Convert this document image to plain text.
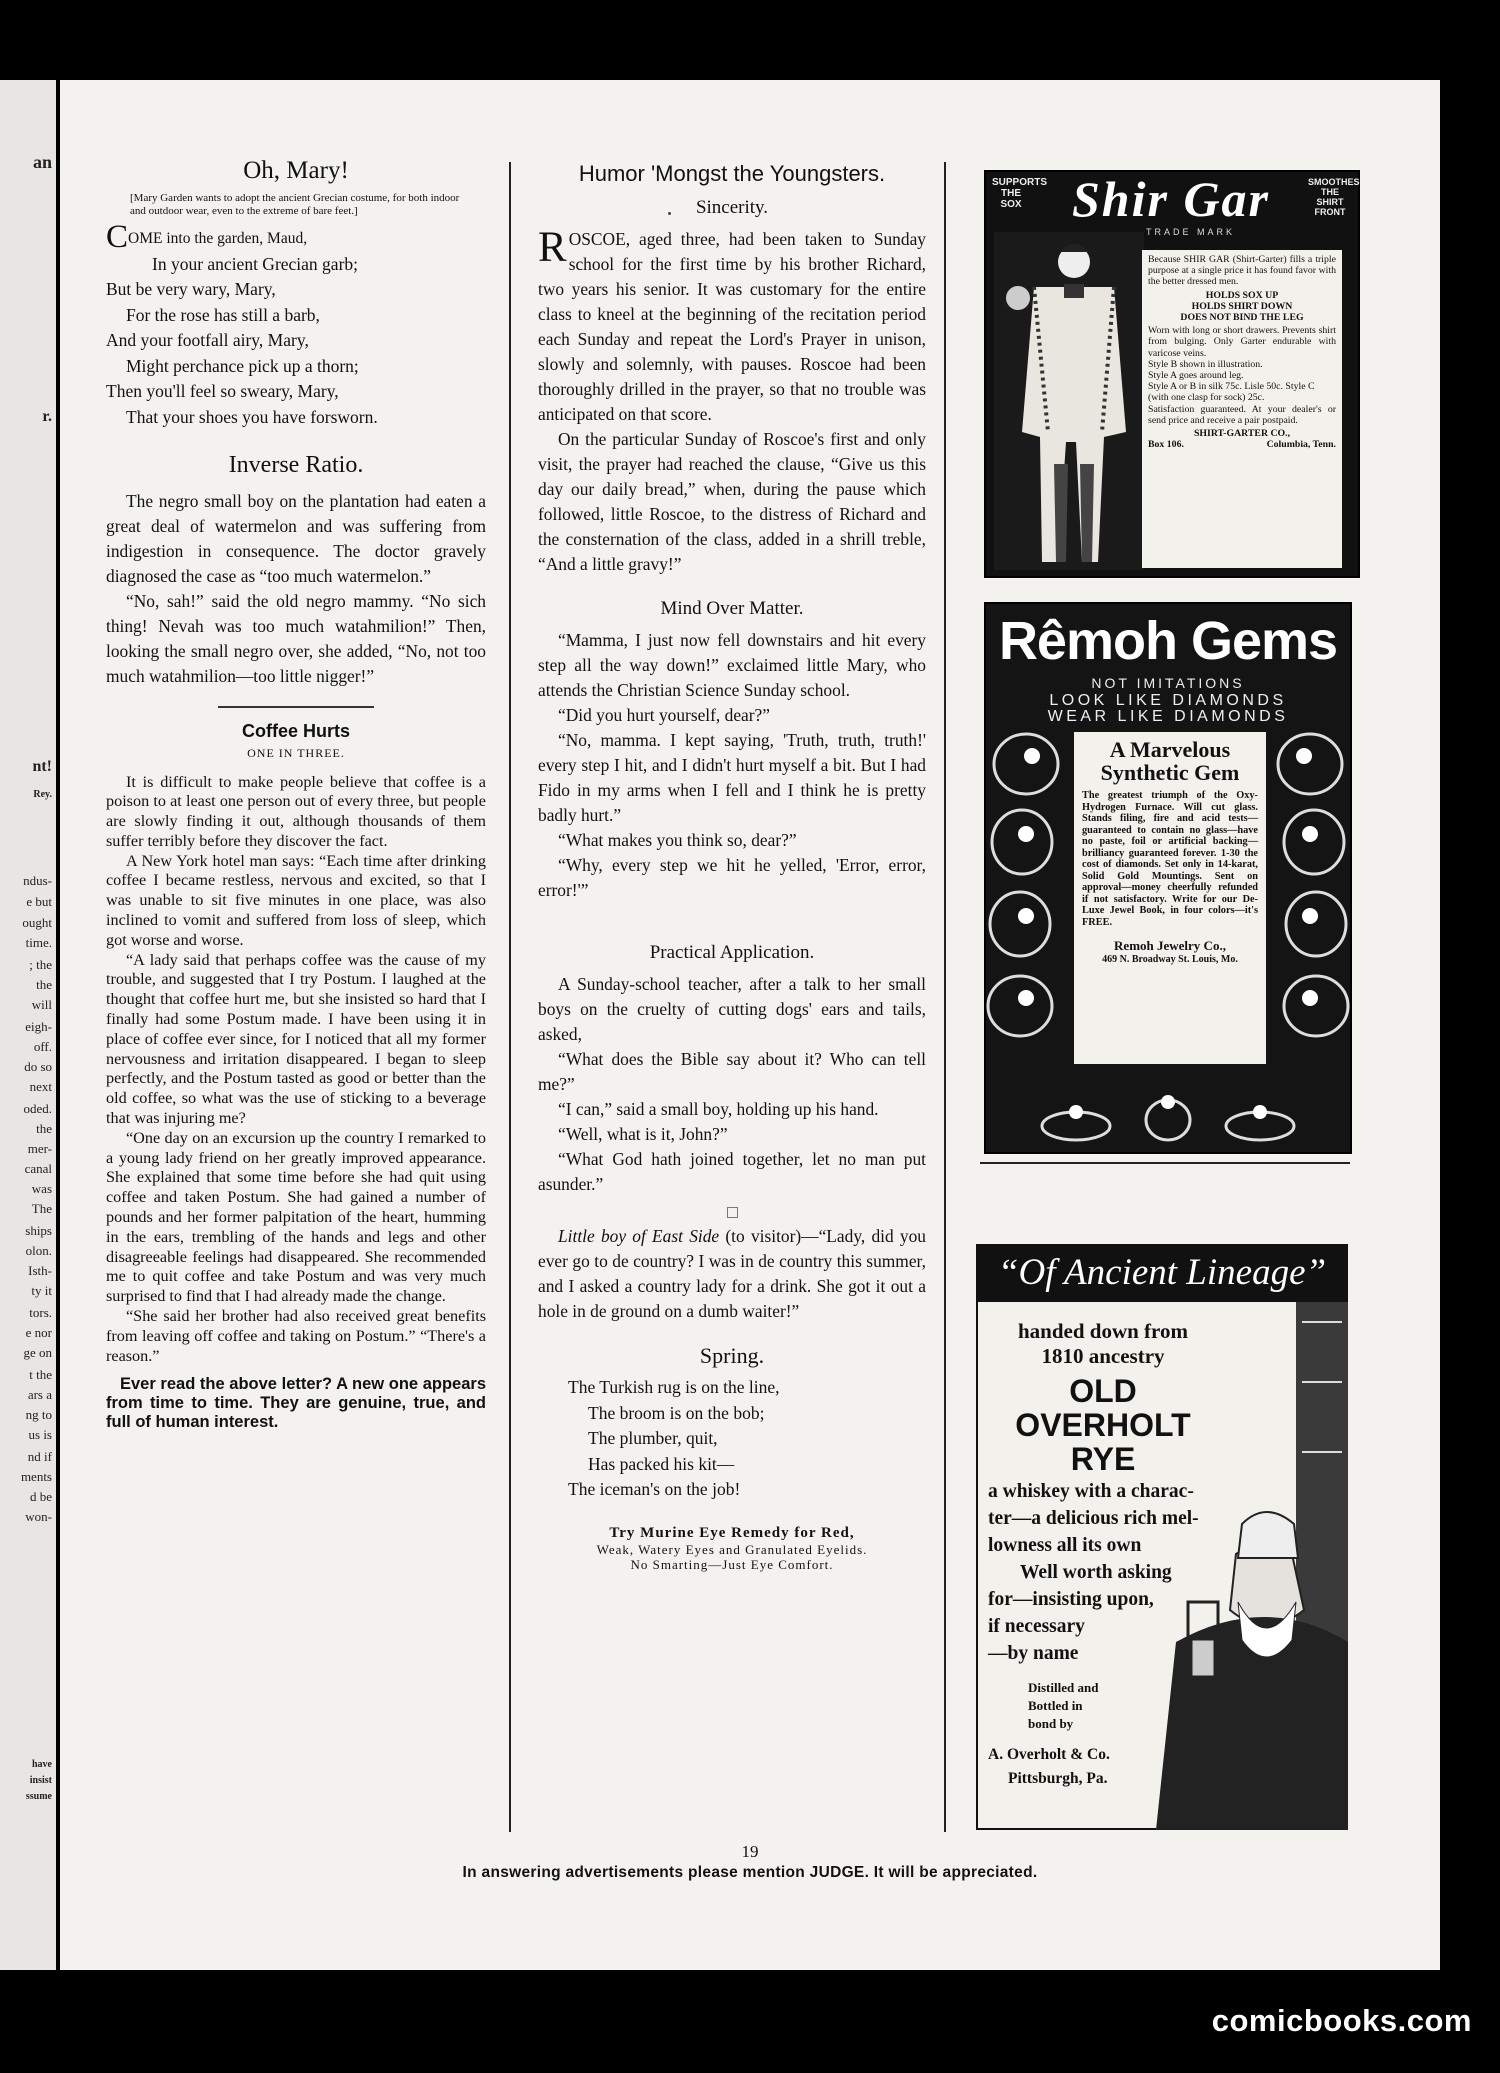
an
r.
nt!
Rey.
ndus-
e but
ought
time.
; the
the
will
eigh-
off.
do so
next
oded.
the
mer-
canal
was
The
ships
olon.
Isth-
ty it
tors.
e nor
ge on
t the
ars a
ng to
us is
nd if
ments
d be
won-
have
insist
ssume
Oh, Mary!

[Mary Garden wants to adopt the ancient Grecian costume, for both indoor and outdoor wear, even to the extreme of bare feet.]

COME into the garden, Maud,
In your ancient Grecian garb;
But be very wary, Mary,
For the rose has still a barb,
And your footfall airy, Mary,
Might perchance pick up a thorn;
Then you'll feel so sweary, Mary,
That your shoes you have forsworn.
Inverse Ratio.

The negro small boy on the plantation had eaten a great deal of watermelon and was suffering from indigestion in consequence. The doctor gravely diagnosed the case as “too much watermelon.”

“No, sah!” said the old negro mammy. “No sich thing! Nevah was too much watahmilion!” Then, looking the small negro over, she added, “No, not too much watahmilion—too little nigger!”

Coffee Hurts
ONE IN THREE.

It is difficult to make people believe that coffee is a poison to at least one person out of every three, but people are slowly finding it out, although thousands of them suffer terribly before they discover the fact.

A New York hotel man says: “Each time after drinking coffee I became restless, nervous and excited, so that I was unable to sit five minutes in one place, was also inclined to vomit and suffered from loss of sleep, which got worse and worse.

“A lady said that perhaps coffee was the cause of my trouble, and suggested that I try Postum. I laughed at the thought that coffee hurt me, but she insisted so hard that I finally had some Postum made. I have been using it in place of coffee ever since, for I noticed that all my former nervousness and irritation disappeared. I began to sleep perfectly, and the Postum tasted as good or better than the old coffee, so what was the use of sticking to a beverage that was injuring me?

“One day on an excursion up the country I remarked to a young lady friend on her greatly improved appearance. She explained that some time before she had quit using coffee and taken Postum. She had gained a number of pounds and her former palpitation of the heart, humming in the ears, trembling of the hands and legs and other disagreeable feelings had disappeared. She recommended me to quit coffee and take Postum and was very much surprised to find that I had already made the change.

“She said her brother had also received great benefits from leaving off coffee and taking on Postum.” “There's a reason.”

Ever read the above letter? A new one appears from time to time. They are genuine, true, and full of human interest.

Humor 'Mongst the Youngsters.
Sincerity.

ROSCOE, aged three, had been taken to Sunday school for the first time by his brother Richard, two years his senior. It was customary for the entire class to kneel at the beginning of the recitation period each Sunday and repeat the Lord's Prayer in unison, slowly and solemnly, with pauses. Roscoe had been thoroughly drilled in the prayer, so that no trouble was anticipated on that score.

On the particular Sunday of Roscoe's first and only visit, the prayer had reached the clause, “Give us this day our daily bread,” when, during the pause which followed, little Roscoe, to the distress of Richard and the consternation of the class, added in a shrill treble, “And a little gravy!”

Mind Over Matter.

“Mamma, I just now fell downstairs and hit every step all the way down!” exclaimed little Mary, who attends the Christian Science Sunday school.

“Did you hurt yourself, dear?”

“No, mamma. I kept saying, 'Truth, truth, truth!' every step I hit, and I didn't hurt myself a bit. But I had Fido in my arms when I fell and I think he is pretty badly hurt.”

“What makes you think so, dear?”

“Why, every step we hit he yelled, 'Error, error, error!'”

Practical Application.

A Sunday-school teacher, after a talk to her small boys on the cruelty of cutting dogs' ears and tails, asked,

“What does the Bible say about it? Who can tell me?”

“I can,” said a small boy, holding up his hand.

“Well, what is it, John?”

“What God hath joined together, let no man put asunder.”

Little boy of East Side (to visitor)—“Lady, did you ever go to de country? I was in de country this summer, and I asked a country lady for a drink. She got it out a hole in de ground on a dumb waiter!”

Spring.
The Turkish rug is on the line,
The broom is on the bob;
The plumber, quit,
Has packed his kit—
The iceman's on the job!
Try Murine Eye Remedy for Red,
Weak, Watery Eyes and Granulated Eyelids.
No Smarting—Just Eye Comfort.
SUPPORTS THE SOX
SMOOTHES THE SHIRT FRONT
Shir Gar
TRADE MARK
Because SHIR GAR (Shirt-Garter) fills a triple purpose at a single price it has found favor with the better dressed men.
HOLDS SOX UP
HOLDS SHIRT DOWN
DOES NOT BIND THE LEG
Worn with long or short drawers. Prevents shirt from bulging. Only Garter endurable with varicose veins.
Style B shown in illustration.
Style A goes around leg.
Style A or B in silk 75c. Lisle 50c. Style C (with one clasp for sock) 25c.
Satisfaction guaranteed. At your dealer's or send price and receive a pair postpaid.
SHIRT-GARTER CO.,
Box 106.	Columbia, Tenn.
Rêmoh Gems
NOT IMITATIONS
LOOK LIKE DIAMONDS
WEAR LIKE DIAMONDS
A Marvelous Synthetic Gem
The greatest triumph of the Oxy-Hydrogen Furnace. Will cut glass. Stands filing, fire and acid tests—guaranteed to contain no glass—have no paste, foil or artificial backing—brilliancy guaranteed forever. 1-30 the cost of diamonds. Set only in 14-karat, Solid Gold Mountings. Sent on approval—money cheerfully refunded if not satisfactory. Write for our De-Luxe Jewel Book, in four colors—it's FREE.
Remoh Jewelry Co.,
469 N. Broadway St. Louis, Mo.
“Of Ancient Lineage”
handed down from
1810 ancestry
OLD
OVERHOLT
RYE
a whiskey with a charac-
ter—a delicious rich mel-
lowness all its own
Well worth asking
for—insisting upon,
if necessary
—by name
Distilled and
Bottled in
bond by
A. Overholt & Co.
Pittsburgh, Pa.
19
In answering advertisements please mention JUDGE. It will be appreciated.
comicbooks.com
